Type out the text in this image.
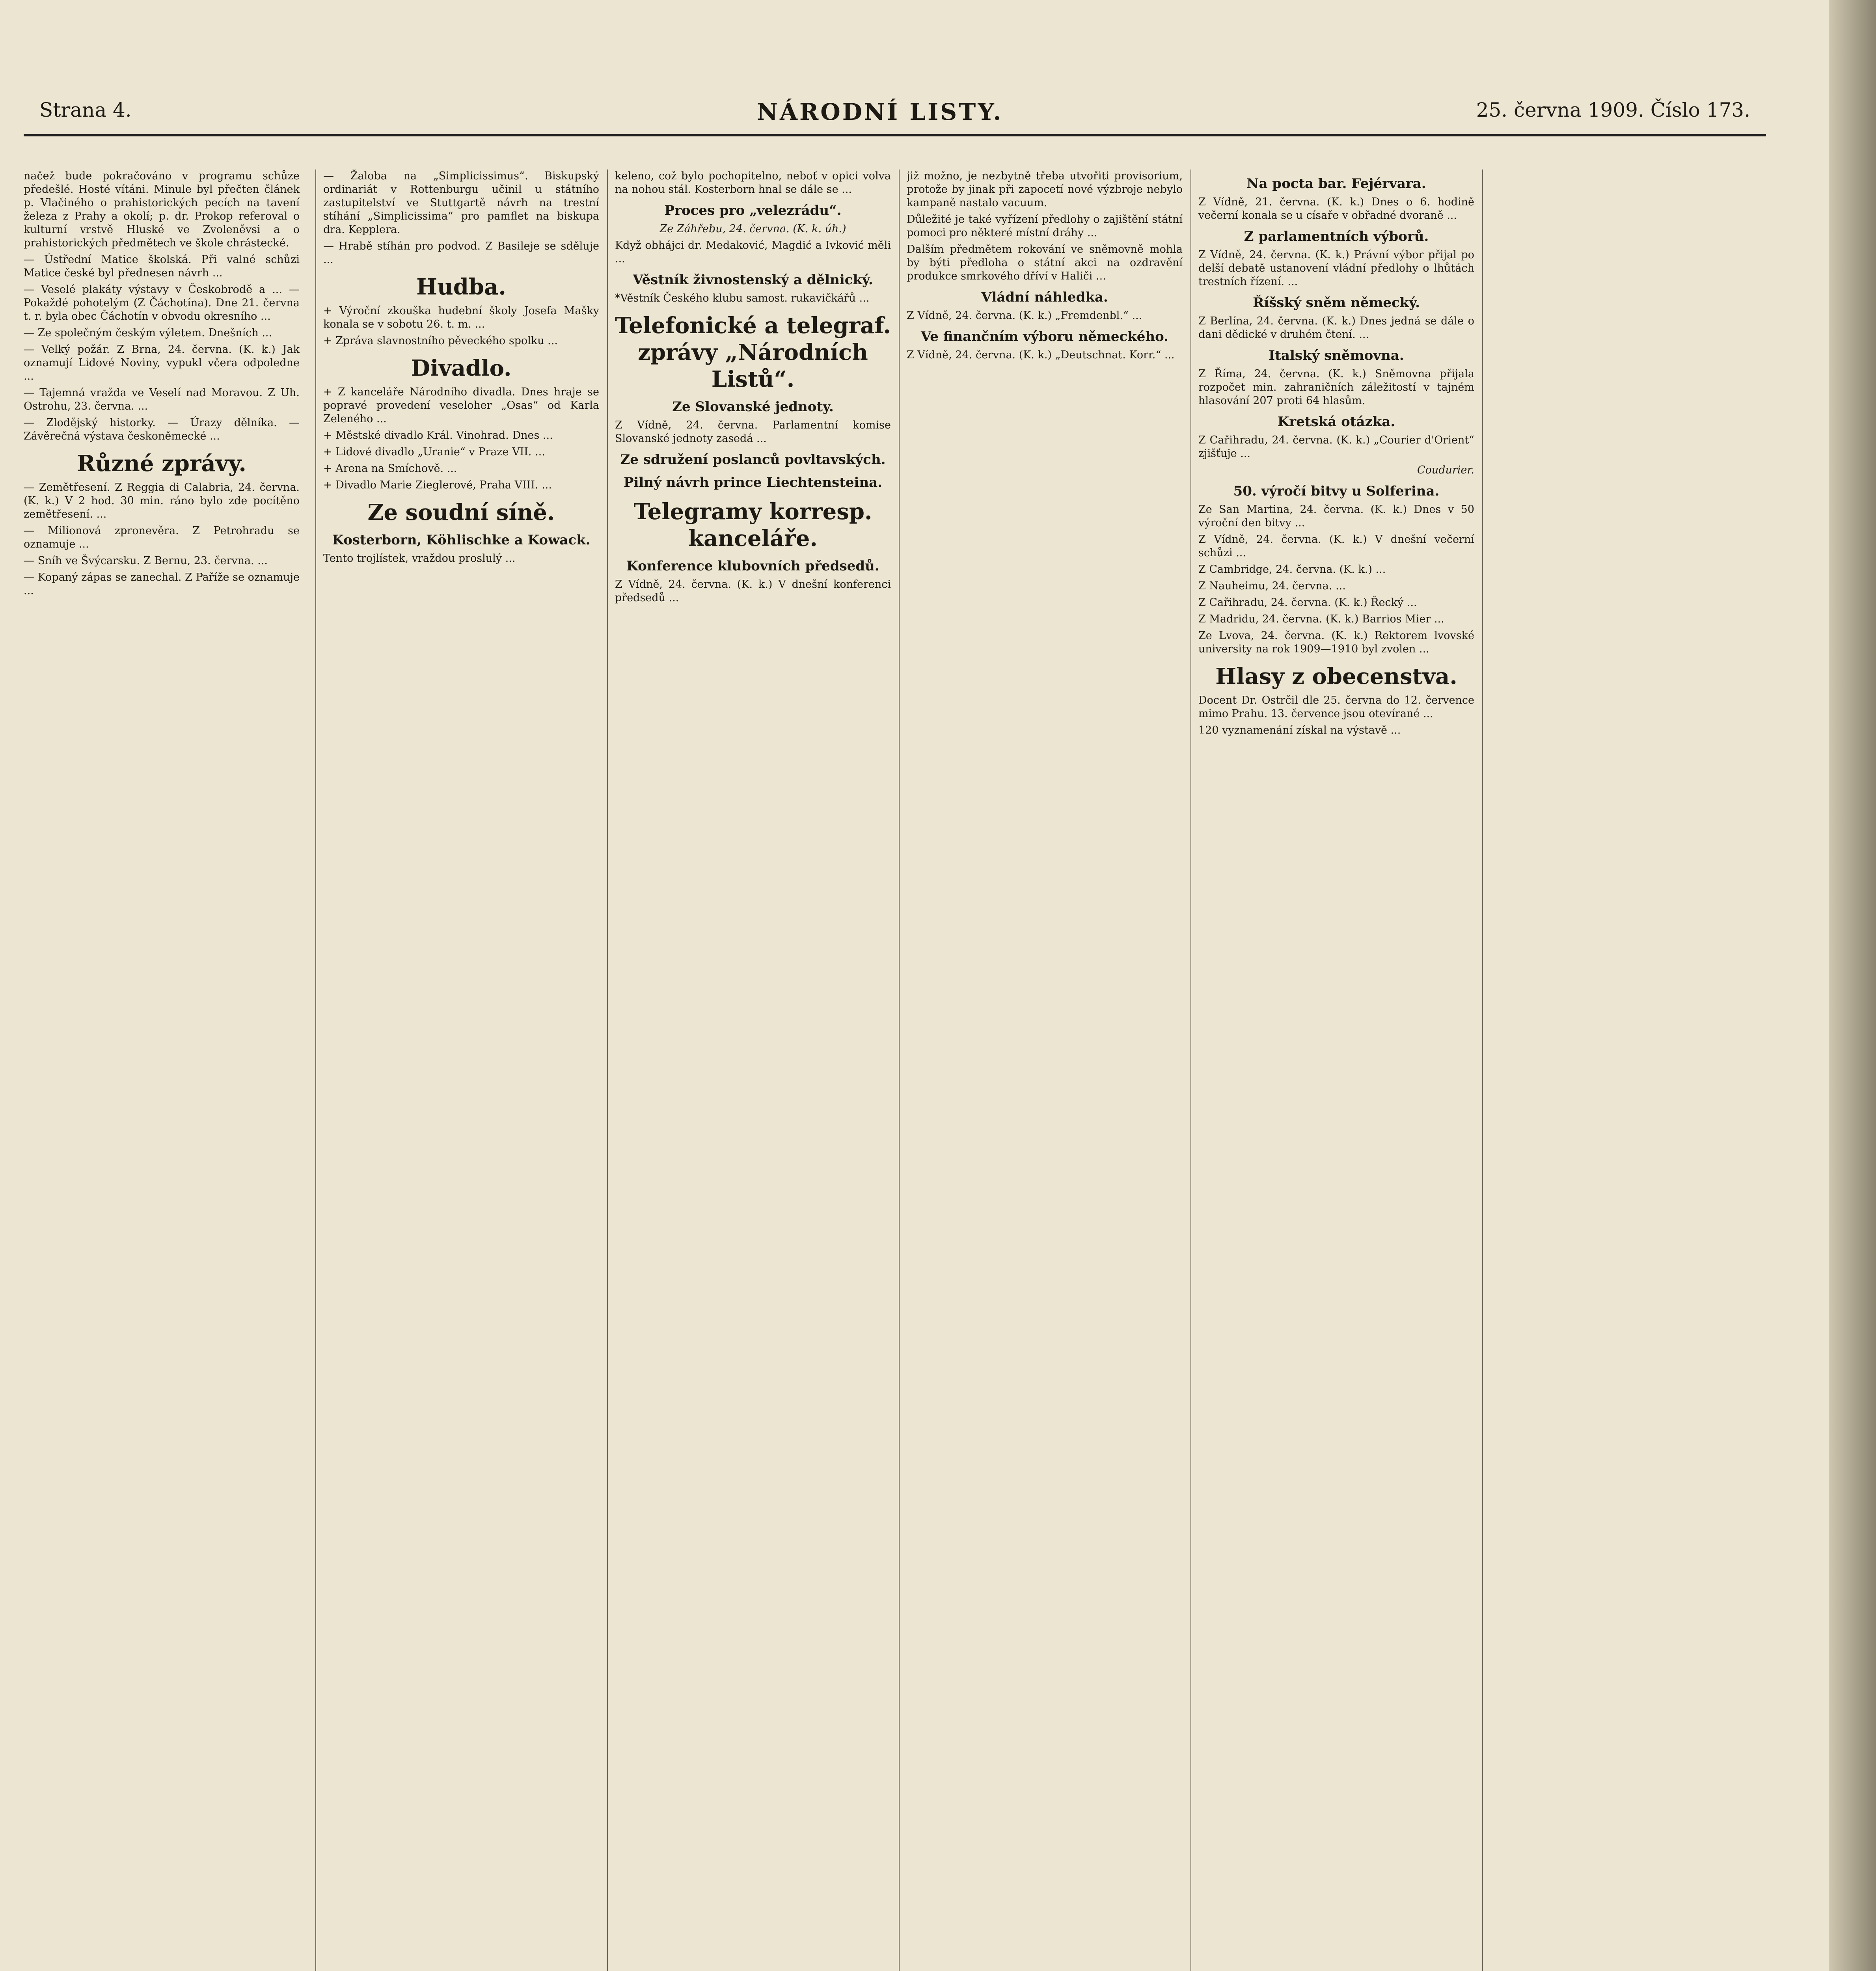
Strana 4.	NÁRODNÍ LISTY.	25. června 1909. Číslo 173.

načež bude pokračováno v programu schůze předešlé. Hosté vítáni. Minule byl přečten článek p. Vlačiného o prahistorických pecích na tavení železa z Prahy a okolí; p. dr. Prokop referoval o kulturní vrstvě Hluské ve Zvoleněvsi a o prahistorických předmětech ve škole chrástecké.

— Ústřední Matice školská. Při valné schůzi Matice české byl přednesen návrh ...

— Veselé plakáty výstavy v Českobrodě a ... — Pokaždé pohotelým (Z Čáchotína). Dne 21. června t. r. byla obec Čáchotín v obvodu okresního ...

— Ze společným českým výletem. Dnešních ...

— Velký požár. Z Brna, 24. června. (K. k.) Jak oznamují Lidové Noviny, vypukl včera odpoledne ...

— Tajemná vražda ve Veselí nad Moravou. Z Uh. Ostrohu, 23. června. ...

— Zlodějský historky. — Úrazy dělníka. — Závěrečná výstava českoněmecké ...

Různé zprávy.

— Zemětřesení. Z Reggia di Calabria, 24. června. (K. k.) V 2 hod. 30 min. ráno bylo zde pocítěno zemětřesení. ...

— Milionová zpronevěra. Z Petrohradu se oznamuje ...

— Sníh ve Švýcarsku. Z Bernu, 23. června. ...

— Kopaný zápas se zanechal. Z Paříže se oznamuje ...

— Žaloba na „Simplicissimus“. Biskupský ordinariát v Rottenburgu učinil u státního zastupitelství ve Stuttgartě návrh na trestní stíhání „Simplicissima“ pro pamflet na biskupa dra. Kepplera.

— Hrabě stíhán pro podvod. Z Basileje se sděluje ...

Hudba.

+ Výroční zkouška hudební školy Josefa Mašky konala se v sobotu 26. t. m. ...

+ Zpráva slavnostního pěveckého spolku ...

Divadlo.

+ Z kanceláře Národního divadla. Dnes hraje se popravé provedení veseloher „Osas“ od Karla Zeleného ...

+ Městské divadlo Král. Vinohrad. Dnes ...

+ Lidové divadlo „Uranie“ v Praze VII. ...

+ Arena na Smíchově. ...

+ Divadlo Marie Zieglerové, Praha VIII. ...

Ze soudní síně.
Kosterborn, Köhlischke a Kowack.

Tento trojlístek, vraždou proslulý ...

keleno, což bylo pochopitelno, neboť v opici volva na nohou stál. Kosterborn hnal se dále se ...

Proces pro „velezrádu“.
Ze Záhřebu, 24. června. (K. k. úh.)

Když obhájci dr. Medaković, Magdić a Ivković měli ...

Věstník živnostenský a dělnický.

*Věstník Českého klubu samost. rukavičkářů ...

Telefonické a telegraf. zprávy „Národních Listů“.
Ze Slovanské jednoty.

Z Vídně, 24. června. Parlamentní komise Slovanské jednoty zasedá ...

Ze sdružení poslanců povltavských.
Pilný návrh prince Liechtensteina.
Telegramy korresp. kanceláře.
Konference klubovních předsedů.

Z Vídně, 24. června. (K. k.) V dnešní konferenci předsedů ...

již možno, je nezbytně třeba utvořiti provisorium, protože by jinak při zapocetí nové výzbroje nebylo kampaně nastalo vacuum.

Důležité je také vyřízení předlohy o zajištění státní pomoci pro některé místní dráhy ...

Dalším předmětem rokování ve sněmovně mohla by býti předloha o státní akci na ozdravění produkce smrkového dříví v Haliči ...

Vládní náhledka.

Z Vídně, 24. června. (K. k.) „Fremdenbl.“ ...

Ve finančním výboru německého.

Z Vídně, 24. června. (K. k.) „Deutschnat. Korr.“ ...

Na pocta bar. Fejérvara.

Z Vídně, 21. června. (K. k.) Dnes o 6. hodině večerní konala se u císaře v obřadné dvoraně ...

Z parlamentních výborů.

Z Vídně, 24. června. (K. k.) Právní výbor přijal po delší debatě ustanovení vládní předlohy o lhůtách trestních řízení. ...

Říšský sněm německý.

Z Berlína, 24. června. (K. k.) Dnes jedná se dále o dani dědické v druhém čtení. ...

Italský sněmovna.

Z Říma, 24. června. (K. k.) Sněmovna přijala rozpočet min. zahraničních záležitostí v tajném hlasování 207 proti 64 hlasům.

Kretská otázka.

Z Cařihradu, 24. června. (K. k.) „Courier d'Orient“ zjišťuje ...

Coudurier.
50. výročí bitvy u Solferina.

Ze San Martina, 24. června. (K. k.) Dnes v 50 výroční den bitvy ...

Z Vídně, 24. června. (K. k.) V dnešní večerní schůzi ...

Z Cambridge, 24. června. (K. k.) ...

Z Nauheimu, 24. června. ...

Z Cařihradu, 24. června. (K. k.) Řecký ...

Z Madridu, 24. června. (K. k.) Barrios Mier ...

Ze Lvova, 24. června. (K. k.) Rektorem lvovské university na rok 1909—1910 byl zvolen ...

Hlasy z obecenstva.

Docent Dr. Ostrčil dle 25. června do 12. července mimo Prahu. 13. července jsou otevírané ...

120 vyznamenání získal na výstavě ...
